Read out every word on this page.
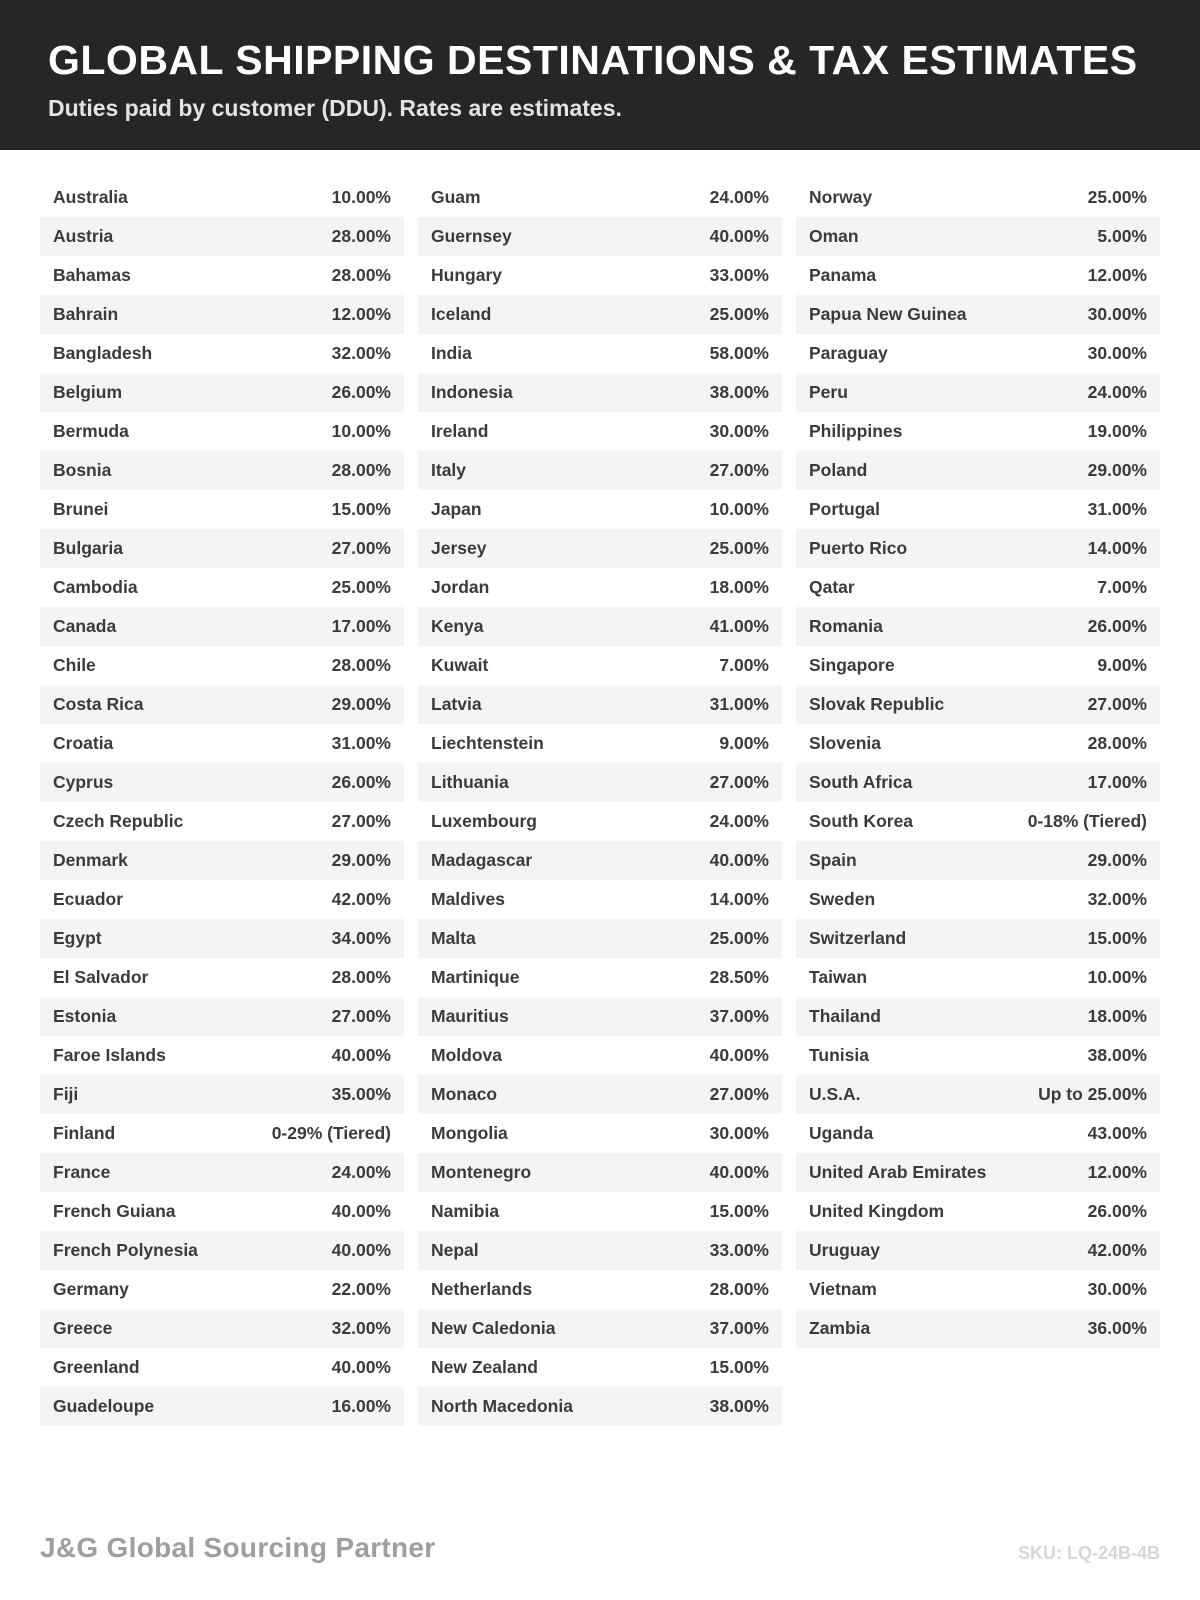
GLOBAL SHIPPING DESTINATIONS & TAX ESTIMATES
Duties paid by customer (DDU). Rates are estimates.
Australia	10.00%
Austria	28.00%
Bahamas	28.00%
Bahrain	12.00%
Bangladesh	32.00%
Belgium	26.00%
Bermuda	10.00%
Bosnia	28.00%
Brunei	15.00%
Bulgaria	27.00%
Cambodia	25.00%
Canada	17.00%
Chile	28.00%
Costa Rica	29.00%
Croatia	31.00%
Cyprus	26.00%
Czech Republic	27.00%
Denmark	29.00%
Ecuador	42.00%
Egypt	34.00%
El Salvador	28.00%
Estonia	27.00%
Faroe Islands	40.00%
Fiji	35.00%
Finland	0-29% (Tiered)
France	24.00%
French Guiana	40.00%
French Polynesia	40.00%
Germany	22.00%
Greece	32.00%
Greenland	40.00%
Guadeloupe	16.00%
Guam	24.00%
Guernsey	40.00%
Hungary	33.00%
Iceland	25.00%
India	58.00%
Indonesia	38.00%
Ireland	30.00%
Italy	27.00%
Japan	10.00%
Jersey	25.00%
Jordan	18.00%
Kenya	41.00%
Kuwait	7.00%
Latvia	31.00%
Liechtenstein	9.00%
Lithuania	27.00%
Luxembourg	24.00%
Madagascar	40.00%
Maldives	14.00%
Malta	25.00%
Martinique	28.50%
Mauritius	37.00%
Moldova	40.00%
Monaco	27.00%
Mongolia	30.00%
Montenegro	40.00%
Namibia	15.00%
Nepal	33.00%
Netherlands	28.00%
New Caledonia	37.00%
New Zealand	15.00%
North Macedonia	38.00%
Norway	25.00%
Oman	5.00%
Panama	12.00%
Papua New Guinea	30.00%
Paraguay	30.00%
Peru	24.00%
Philippines	19.00%
Poland	29.00%
Portugal	31.00%
Puerto Rico	14.00%
Qatar	7.00%
Romania	26.00%
Singapore	9.00%
Slovak Republic	27.00%
Slovenia	28.00%
South Africa	17.00%
South Korea	0-18% (Tiered)
Spain	29.00%
Sweden	32.00%
Switzerland	15.00%
Taiwan	10.00%
Thailand	18.00%
Tunisia	38.00%
U.S.A.	Up to 25.00%
Uganda	43.00%
United Arab Emirates	12.00%
United Kingdom	26.00%
Uruguay	42.00%
Vietnam	30.00%
Zambia	36.00%
J&G Global Sourcing Partner	SKU: LQ-24B-4B
